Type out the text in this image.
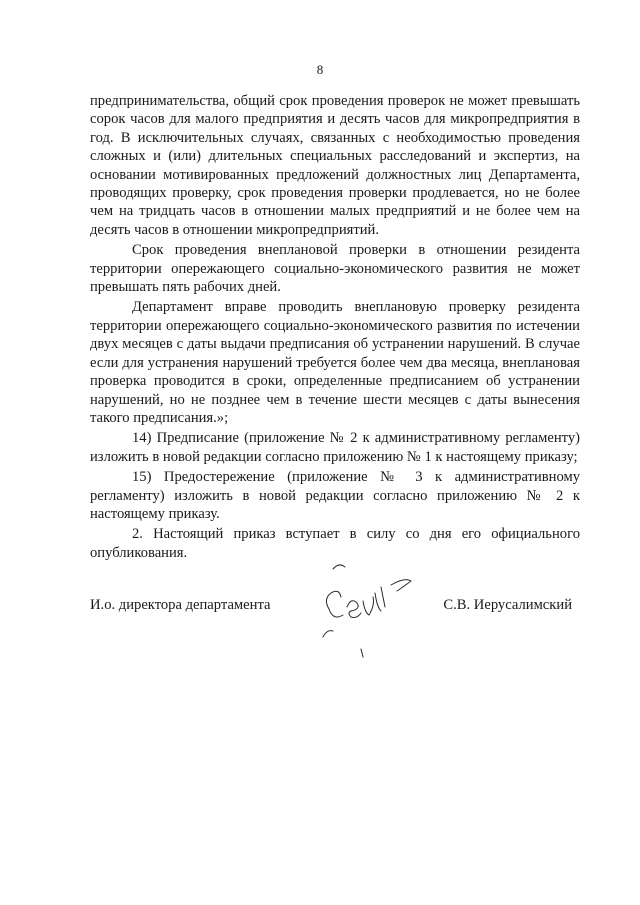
8

предпринимательства, общий срок проведения проверок не может превышать сорок часов для малого предприятия и десять часов для микропредприятия в год. В исключительных случаях, связанных с необходимостью проведения сложных и (или) длительных специальных расследований и экспертиз, на основании мотивированных предложений должностных лиц Департамента, проводящих проверку, срок проведения проверки продлевается, но не более чем на тридцать часов в отношении малых предприятий и не более чем на десять часов в отношении микропредприятий.

Срок проведения внеплановой проверки в отношении резидента территории опережающего социально-экономического развития не может превышать пять рабочих дней.

Департамент вправе проводить внеплановую проверку резидента территории опережающего социально-экономического развития по истечении двух месяцев с даты выдачи предписания об устранении нарушений. В случае если для устранения нарушений требуется более чем два месяца, внеплановая проверка проводится в сроки, определенные предписанием об устранении нарушений, но не позднее чем в течение шести месяцев с даты вынесения такого предписания.»;

14) Предписание (приложение № 2 к административному регламенту) изложить в новой редакции согласно приложению № 1 к настоящему приказу;

15) Предостережение (приложение № 3 к административному регламенту) изложить в новой редакции согласно приложению № 2 к настоящему приказу.

2. Настоящий приказ вступает в силу со дня его официального опубликования.

И.о. директора департамента	С.В. Иерусалимский
